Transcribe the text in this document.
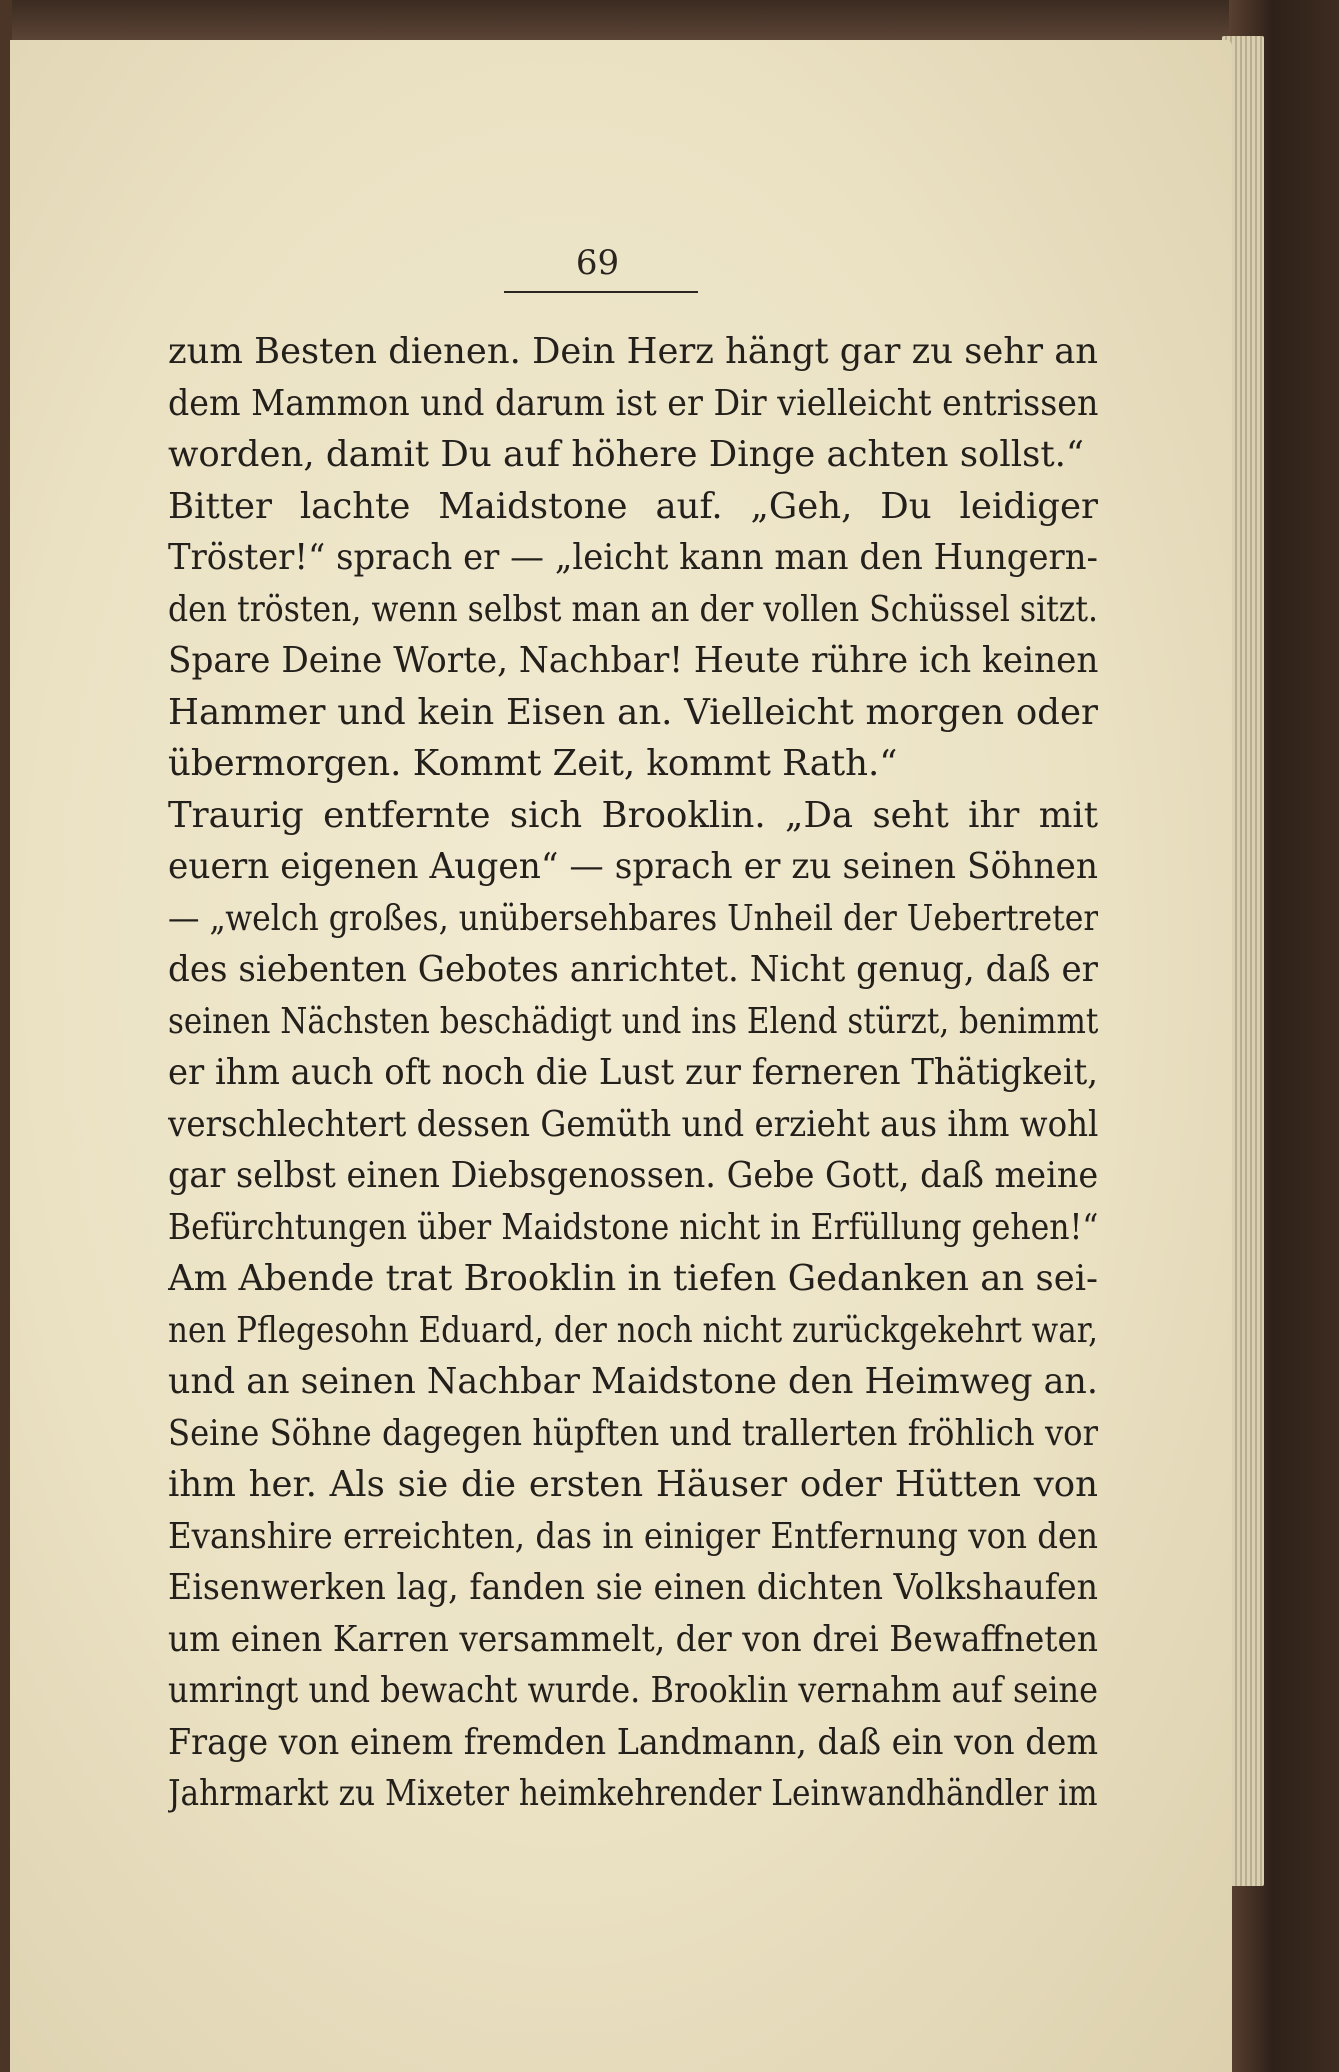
69
zum Besten dienen. Dein Herz hängt gar zu sehr an
dem Mammon und darum ist er Dir vielleicht entrissen
worden, damit Du auf höhere Dinge achten sollst.“
Bitter lachte Maidstone auf. „Geh, Du leidiger
Tröster!“ sprach er — „leicht kann man den Hungern-
den trösten, wenn selbst man an der vollen Schüssel sitzt.
Spare Deine Worte, Nachbar! Heute rühre ich keinen
Hammer und kein Eisen an. Vielleicht morgen oder
übermorgen. Kommt Zeit, kommt Rath.“
Traurig entfernte sich Brooklin. „Da seht ihr mit
euern eigenen Augen“ — sprach er zu seinen Söhnen
— „welch großes, unübersehbares Unheil der Uebertreter
des siebenten Gebotes anrichtet. Nicht genug, daß er
seinen Nächsten beschädigt und ins Elend stürzt, benimmt
er ihm auch oft noch die Lust zur ferneren Thätigkeit,
verschlechtert dessen Gemüth und erzieht aus ihm wohl
gar selbst einen Diebsgenossen. Gebe Gott, daß meine
Befürchtungen über Maidstone nicht in Erfüllung gehen!“
Am Abende trat Brooklin in tiefen Gedanken an sei-
nen Pflegesohn Eduard, der noch nicht zurückgekehrt war,
und an seinen Nachbar Maidstone den Heimweg an.
Seine Söhne dagegen hüpften und trallerten fröhlich vor
ihm her. Als sie die ersten Häuser oder Hütten von
Evanshire erreichten, das in einiger Entfernung von den
Eisenwerken lag, fanden sie einen dichten Volkshaufen
um einen Karren versammelt, der von drei Bewaffneten
umringt und bewacht wurde. Brooklin vernahm auf seine
Frage von einem fremden Landmann, daß ein von dem
Jahrmarkt zu Mixeter heimkehrender Leinwandhändler im
